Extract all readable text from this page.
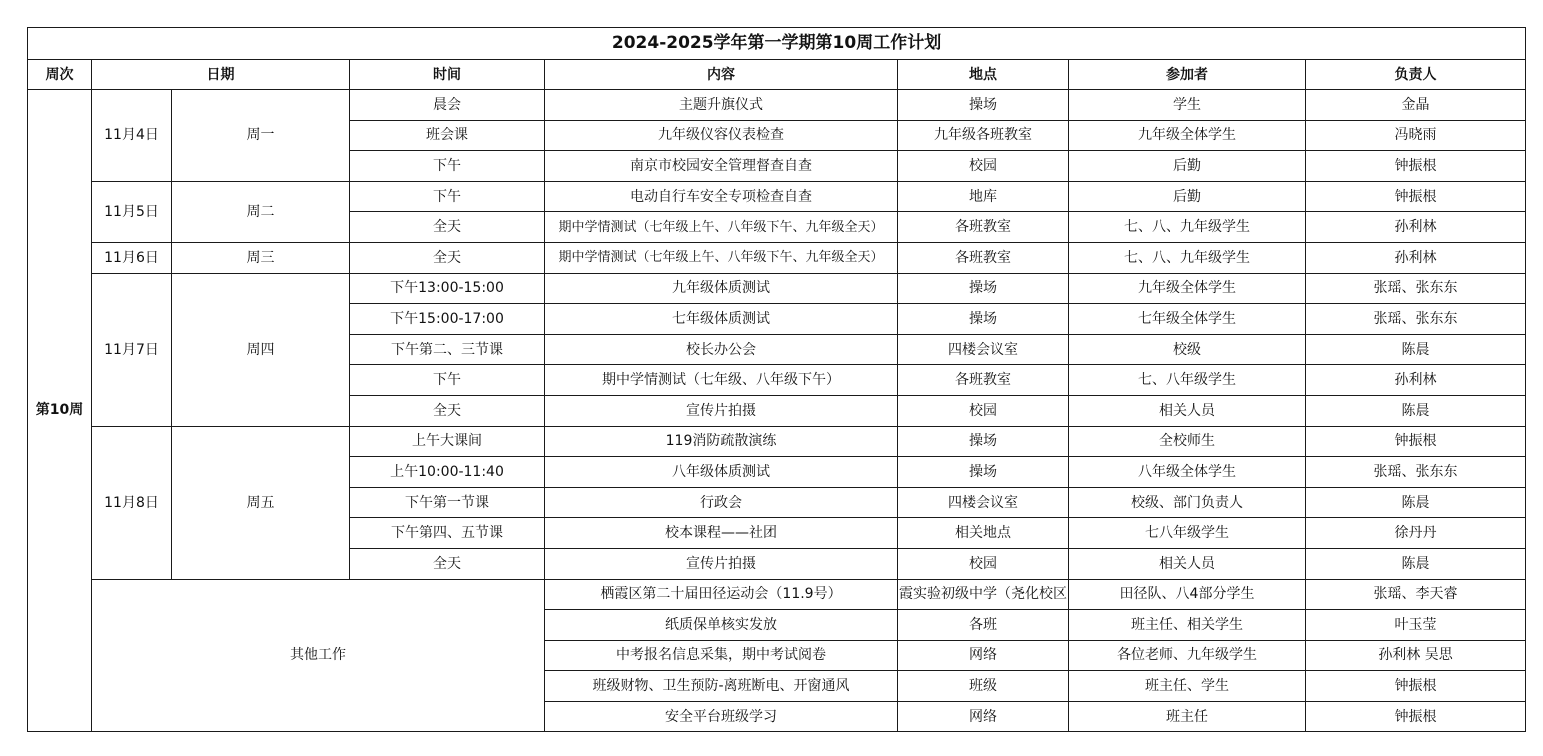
2024-2025学年第一学期第10周工作计划							
周次	日期		时间	内容	地点	参加者	负责人
第10周	11月4日	周一	晨会	主题升旗仪式	操场	学生	金晶
			班会课	九年级仪容仪表检查	九年级各班教室	九年级全体学生	冯晓雨
			下午	南京市校园安全管理督查自查	校园	后勤	钟振根
	11月5日	周二	下午	电动自行车安全专项检查自查	地库	后勤	钟振根
			全天	期中学情测试（七年级上午、八年级下午、九年级全天）	各班教室	七、八、九年级学生	孙利林
	11月6日	周三	全天	期中学情测试（七年级上午、八年级下午、九年级全天）	各班教室	七、八、九年级学生	孙利林
	11月7日	周四	下午13:00-15:00	九年级体质测试	操场	九年级全体学生	张瑶、张东东
			下午15:00-17:00	七年级体质测试	操场	七年级全体学生	张瑶、张东东
			下午第二、三节课	校长办公会	四楼会议室	校级	陈晨
			下午	期中学情测试（七年级、八年级下午）	各班教室	七、八年级学生	孙利林
			全天	宣传片拍摄	校园	相关人员	陈晨
	11月8日	周五	上午大课间	119消防疏散演练	操场	全校师生	钟振根
			上午10:00-11:40	八年级体质测试	操场	八年级全体学生	张瑶、张东东
			下午第一节课	行政会	四楼会议室	校级、部门负责人	陈晨
			下午第四、五节课	校本课程——社团	相关地点	七八年级学生	徐丹丹
			全天	宣传片拍摄	校园	相关人员	陈晨
	其他工作			栖霞区第二十届田径运动会（11.9号）	霞实验初级中学（尧化校区	田径队、八4部分学生	张瑶、李天睿
				纸质保单核实发放	各班	班主任、相关学生	叶玉莹
				中考报名信息采集，期中考试阅卷	网络	各位老师、九年级学生	孙利林 吴思
				班级财物、卫生预防-离班断电、开窗通风	班级	班主任、学生	钟振根
				安全平台班级学习	网络	班主任	钟振根
